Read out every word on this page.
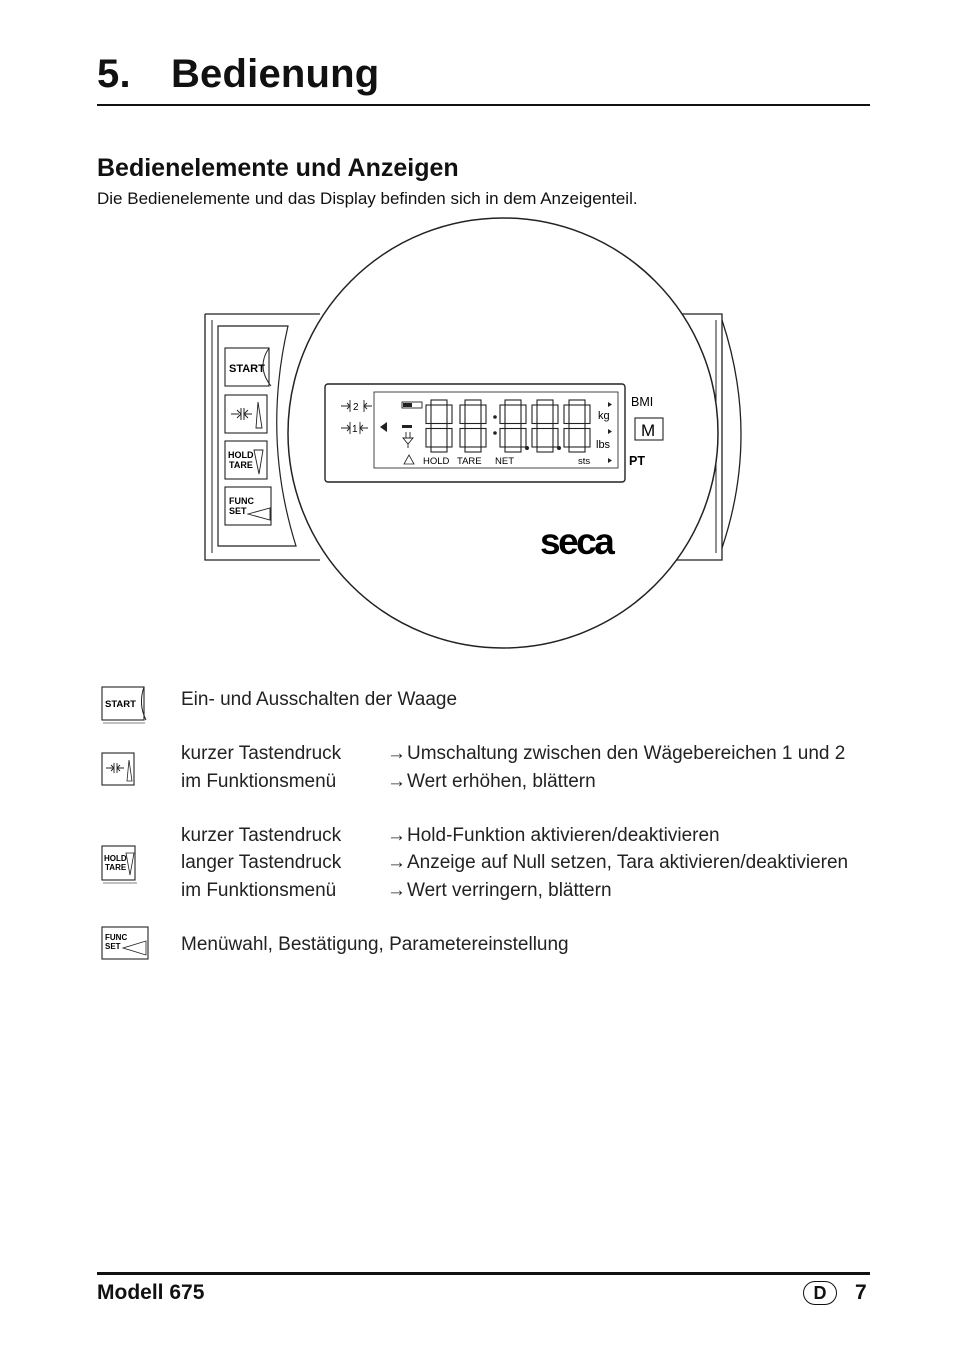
5. Bedienung
Bedienelemente und Anzeigen
Die Bedienelemente und das Display befinden sich in dem Anzeigenteil.
START
HOLD
TARE
FUNC
SET
2
1
kg
lbs
HOLD TARE NET	sts
BMI
M
PT
seca
START Ein- und Ausschalten der Waage
kurzer Tastendruck →Umschaltung zwischen den Wägebereichen 1 und 2
im Funktionsmenü	→Wert erhöhen, blättern
HOLD
TARE
kurzer Tastendruck →Hold-Funktion aktivieren/deaktivieren
langer Tastendruck →Anzeige auf Null setzen, Tara aktivieren/deaktivieren
im Funktionsmenü	→Wert verringern, blättern
FUNC
SET	Menüwahl, Bestätigung, Parametereinstellung
Modell 675	D	7
